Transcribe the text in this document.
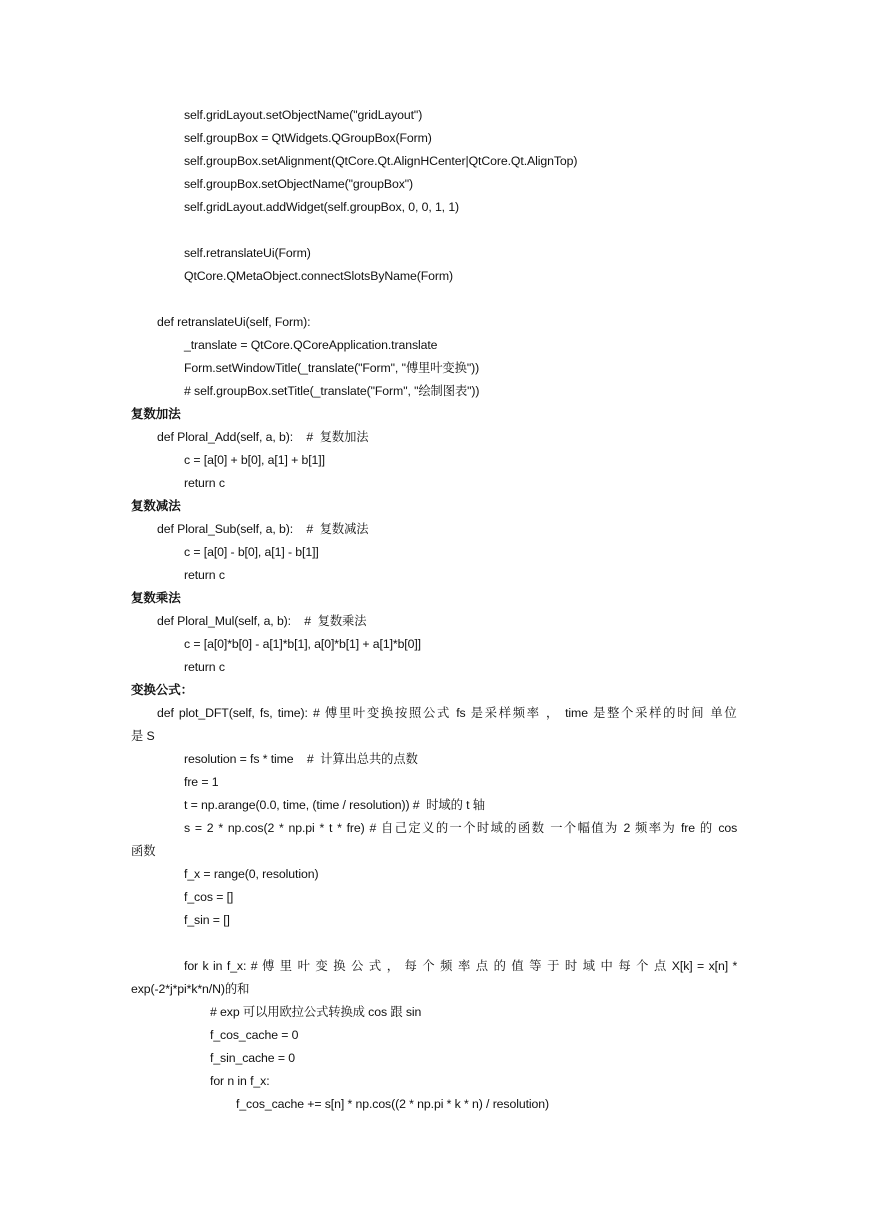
self.gridLayout.setObjectName("gridLayout")
self.groupBox = QtWidgets.QGroupBox(Form)
self.groupBox.setAlignment(QtCore.Qt.AlignHCenter|QtCore.Qt.AlignTop)
self.groupBox.setObjectName("groupBox")
self.gridLayout.addWidget(self.groupBox, 0, 0, 1, 1)
self.retranslateUi(Form)
QtCore.QMetaObject.connectSlotsByName(Form)
def retranslateUi(self, Form):
_translate = QtCore.QCoreApplication.translate
Form.setWindowTitle(_translate("Form", "傅里叶变换"))
# self.groupBox.setTitle(_translate("Form", "绘制图表"))
复数加法
def Ploral_Add(self, a, b):    #  复数加法
c = [a[0] + b[0], a[1] + b[1]]
return c
复数减法
def Ploral_Sub(self, a, b):    #  复数减法
c = [a[0] - b[0], a[1] - b[1]]
return c
复数乘法
def Ploral_Mul(self, a, b):    #  复数乘法
c = [a[0]*b[0] - a[1]*b[1], a[0]*b[1] + a[1]*b[0]]
return c
变换公式：
def plot_DFT(self, fs, time): # 傅里叶变换按照公式 fs 是采样频率 ， time 是整个采样的时间 单位
是 S
resolution = fs * time    #  计算出总共的点数
fre = 1
t = np.arange(0.0, time, (time / resolution)) #  时域的 t 轴
s = 2 * np.cos(2 * np.pi * t * fre) # 自己定义的一个时域的函数 一个幅值为 2 频率为 fre 的 cos
函数
f_x = range(0, resolution)
f_cos = []
f_sin = []
for k in f_x: # 傅 里 叶 变 换 公 式 ， 每 个 频 率 点 的 值 等 于 时 域 中 每 个 点 X[k] = x[n] *
exp(-2*j*pi*k*n/N)的和
# exp 可以用欧拉公式转换成 cos 跟 sin
f_cos_cache = 0
f_sin_cache = 0
for n in f_x:
f_cos_cache += s[n] * np.cos((2 * np.pi * k * n) / resolution)
